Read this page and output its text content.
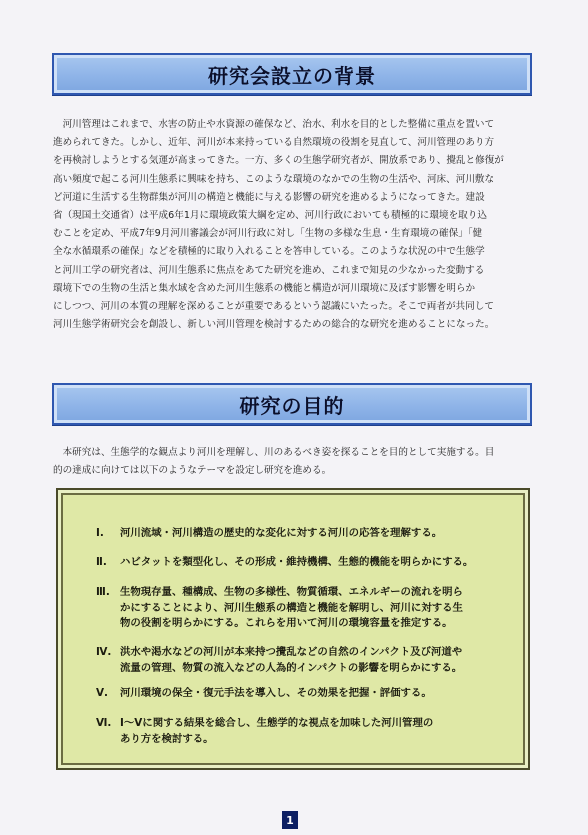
研究会設立の背景
　河川管理はこれまで、水害の防止や水資源の確保など、治水、利水を目的とした整備に重点を置いて
進められてきた。しかし、近年、河川が本来持っている自然環境の役割を見直して、河川管理のあり方
を再検討しようとする気運が高まってきた。一方、多くの生態学研究者が、開放系であり、攪乱と修復が
高い頻度で起こる河川生態系に興味を持ち、このような環境のなかでの生物の生活や、河床、河川敷な
ど河道に生活する生物群集が河川の構造と機能に与える影響の研究を進めるようになってきた。建設
省（現国土交通省）は平成6年1月に環境政策大綱を定め、河川行政においても積極的に環境を取り込
むことを定め、平成7年9月河川審議会が河川行政に対し「生物の多様な生息・生育環境の確保」「健
全な水循環系の確保」などを積極的に取り入れることを答申している。このような状況の中で生態学
と河川工学の研究者は、河川生態系に焦点をあてた研究を進め、これまで知見の少なかった変動する
環境下での生物の生活と集水域を含めた河川生態系の機能と構造が河川環境に及ぼす影響を明らか
にしつつ、河川の本質の理解を深めることが重要であるという認識にいたった。そこで両者が共同して
河川生態学術研究会を創設し、新しい河川管理を検討するための総合的な研究を進めることになった。
研究の目的
　本研究は、生態学的な観点より河川を理解し、川のあるべき姿を探ることを目的として実施する。目
的の達成に向けては以下のようなテーマを設定し研究を進める。
Ⅰ.	河川流域・河川構造の歴史的な変化に対する河川の応答を理解する。
Ⅱ.	ハビタットを類型化し、その形成・維持機構、生態的機能を明らかにする。
Ⅲ. 生物現存量、種構成、生物の多様性、物質循環、エネルギーの流れを明ら
かにすることにより、河川生態系の構造と機能を解明し、河川に対する生
物の役割を明らかにする。これらを用いて河川の環境容量を推定する。
Ⅳ. 洪水や渇水などの河川が本来持つ攪乱などの自然のインパクト及び河道や
流量の管理、物質の流入などの人為的インパクトの影響を明らかにする。
Ⅴ.	河川環境の保全・復元手法を導入し、その効果を把握・評価する。
Ⅵ. Ⅰ～Ⅴに関する結果を総合し、生態学的な視点を加味した河川管理の
あり方を検討する。
1
